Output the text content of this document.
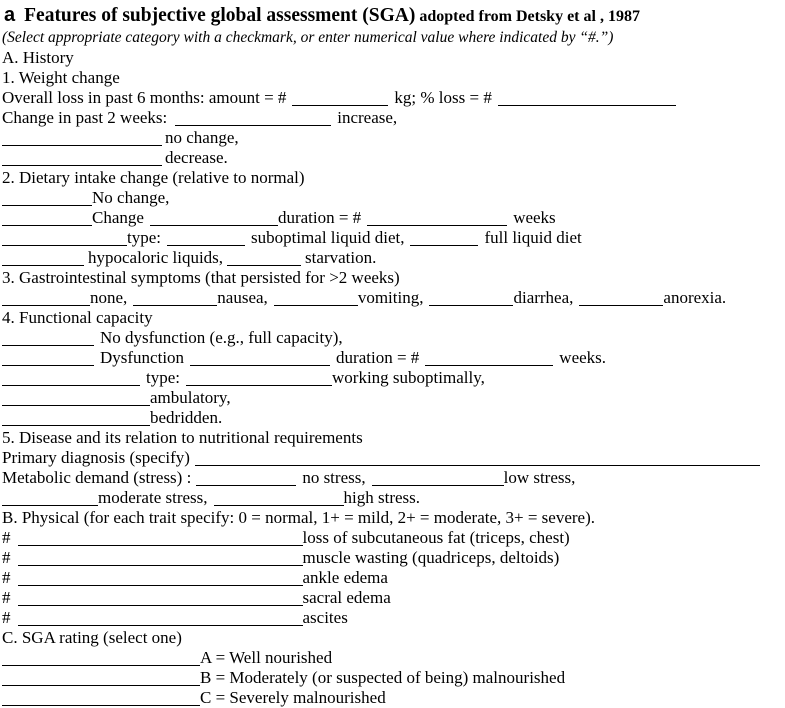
a Features of subjective global assessment (SGA) adopted from Detsky et al , 1987
(Select appropriate category with a checkmark, or enter numerical value where indicated by “#.”)
A. History
1. Weight change
Overall loss in past 6 months: amount = #	kg; % loss = #
Change in past 2 weeks:	increase,
no change,
decrease.
2. Dietary intake change (relative to normal)
No change,
Change	duration = #	weeks
type:	suboptimal liquid diet,	full liquid diet
hypocaloric liquids,	starvation.
3. Gastrointestinal symptoms (that persisted for >2 weeks)
none,	nausea,	vomiting,	diarrhea,	anorexia.
4. Functional capacity
No dysfunction (e.g., full capacity),
Dysfunction	duration = #	weeks.
type:	working suboptimally,
ambulatory,
bedridden.
5. Disease and its relation to nutritional requirements
Primary diagnosis (specify)
Metabolic demand (stress) :	no stress,	low stress,
moderate stress,	high stress.
B. Physical (for each trait specify: 0 = normal, 1+ = mild, 2+ = moderate, 3+ = severe).
#	loss of subcutaneous fat (triceps, chest)
#	muscle wasting (quadriceps, deltoids)
#	ankle edema
#	sacral edema
#	ascites
C. SGA rating (select one)
A = Well nourished
B = Moderately (or suspected of being) malnourished
C = Severely malnourished
